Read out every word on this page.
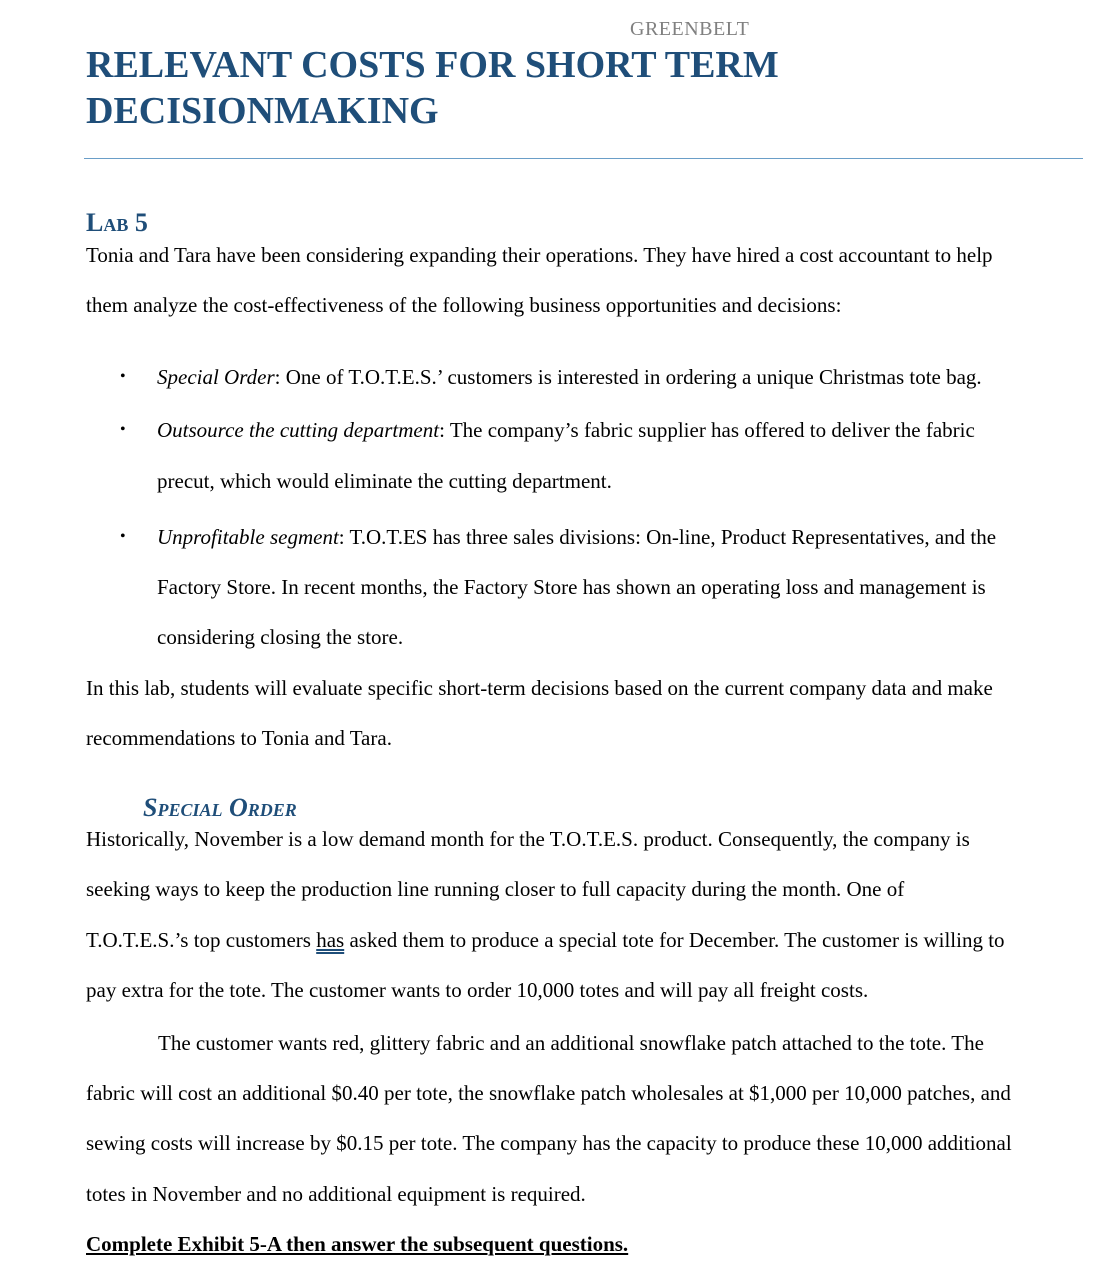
GREENBELT
RELEVANT COSTS FOR SHORT TERM
DECISIONMAKING
Lab 5
Tonia and Tara have been considering expanding their operations. They have hired a cost accountant to help
them analyze the cost-effectiveness of the following business opportunities and decisions:
• Special Order: One of T.O.T.E.S.’ customers is interested in ordering a unique Christmas tote bag.
• Outsource the cutting department: The company’s fabric supplier has offered to deliver the fabric
precut, which would eliminate the cutting department.
• Unprofitable segment: T.O.T.ES has three sales divisions: On-line, Product Representatives, and the
Factory Store. In recent months, the Factory Store has shown an operating loss and management is
considering closing the store.
In this lab, students will evaluate specific short-term decisions based on the current company data and make
recommendations to Tonia and Tara.
Special Order
Historically, November is a low demand month for the T.O.T.E.S. product. Consequently, the company is
seeking ways to keep the production line running closer to full capacity during the month. One of
T.O.T.E.S.’s top customers has asked them to produce a special tote for December. The customer is willing to
pay extra for the tote. The customer wants to order 10,000 totes and will pay all freight costs.
The customer wants red, glittery fabric and an additional snowflake patch attached to the tote. The
fabric will cost an additional $0.40 per tote, the snowflake patch wholesales at $1,000 per 10,000 patches, and
sewing costs will increase by $0.15 per tote. The company has the capacity to produce these 10,000 additional
totes in November and no additional equipment is required.

Complete Exhibit 5-A then answer the subsequent questions.
